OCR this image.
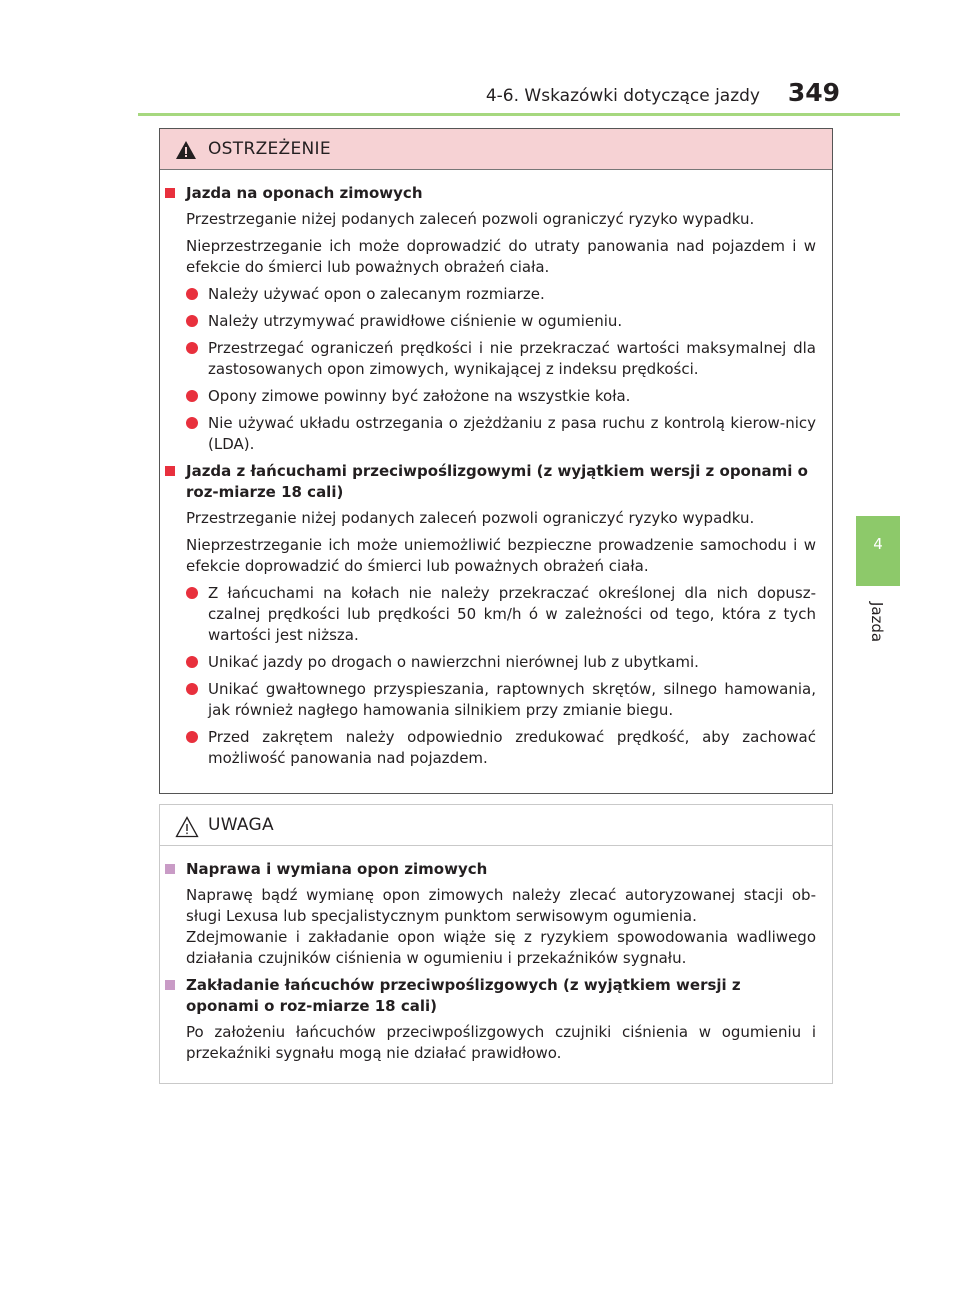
4-6. Wskazówki dotyczące jazdy 349
4
Jazda
OSTRZEŻENIE
Jazda na oponach zimowych

Przestrzeganie niżej podanych zaleceń pozwoli ograniczyć ryzyko wypadku.

Nieprzestrzeganie ich może doprowadzić do utraty panowania nad pojazdem i w efekcie do śmierci lub poważnych obrażeń ciała.

Należy używać opon o zalecanym rozmiarze.
Należy utrzymywać prawidłowe ciśnienie w ogumieniu.
Przestrzegać ograniczeń prędkości i nie przekraczać wartości maksymalnej dla zastosowanych opon zimowych, wynikającej z indeksu prędkości.
Opony zimowe powinny być założone na wszystkie koła.
Nie używać układu ostrzegania o zjeżdżaniu z pasa ruchu z kontrolą kierow-nicy (LDA).
Jazda z łańcuchami przeciwpoślizgowymi (z wyjątkiem wersji z oponami o roz-miarze 18 cali)

Przestrzeganie niżej podanych zaleceń pozwoli ograniczyć ryzyko wypadku.

Nieprzestrzeganie ich może uniemożliwić bezpieczne prowadzenie samochodu i w efekcie doprowadzić do śmierci lub poważnych obrażeń ciała.

Z łańcuchami na kołach nie należy przekraczać określonej dla nich dopusz-czalnej prędkości lub prędkości 50 km/h ó w zależności od tego, która z tych wartości jest niższa.
Unikać jazdy po drogach o nawierzchni nierównej lub z ubytkami.
Unikać gwałtownego przyspieszania, raptownych skrętów, silnego hamowania, jak również nagłego hamowania silnikiem przy zmianie biegu.
Przed zakrętem należy odpowiednio zredukować prędkość, aby zachować możliwość panowania nad pojazdem.
UWAGA
Naprawa i wymiana opon zimowych

Naprawę bądź wymianę opon zimowych należy zlecać autoryzowanej stacji ob-sługi Lexusa lub specjalistycznym punktom serwisowym ogumienia.

Zdejmowanie i zakładanie opon wiąże się z ryzykiem spowodowania wadliwego działania czujników ciśnienia w ogumieniu i przekaźników sygnału.

Zakładanie łańcuchów przeciwpoślizgowych (z wyjątkiem wersji z oponami o roz-miarze 18 cali)

Po założeniu łańcuchów przeciwpoślizgowych czujniki ciśnienia w ogumieniu i przekaźniki sygnału mogą nie działać prawidłowo.
